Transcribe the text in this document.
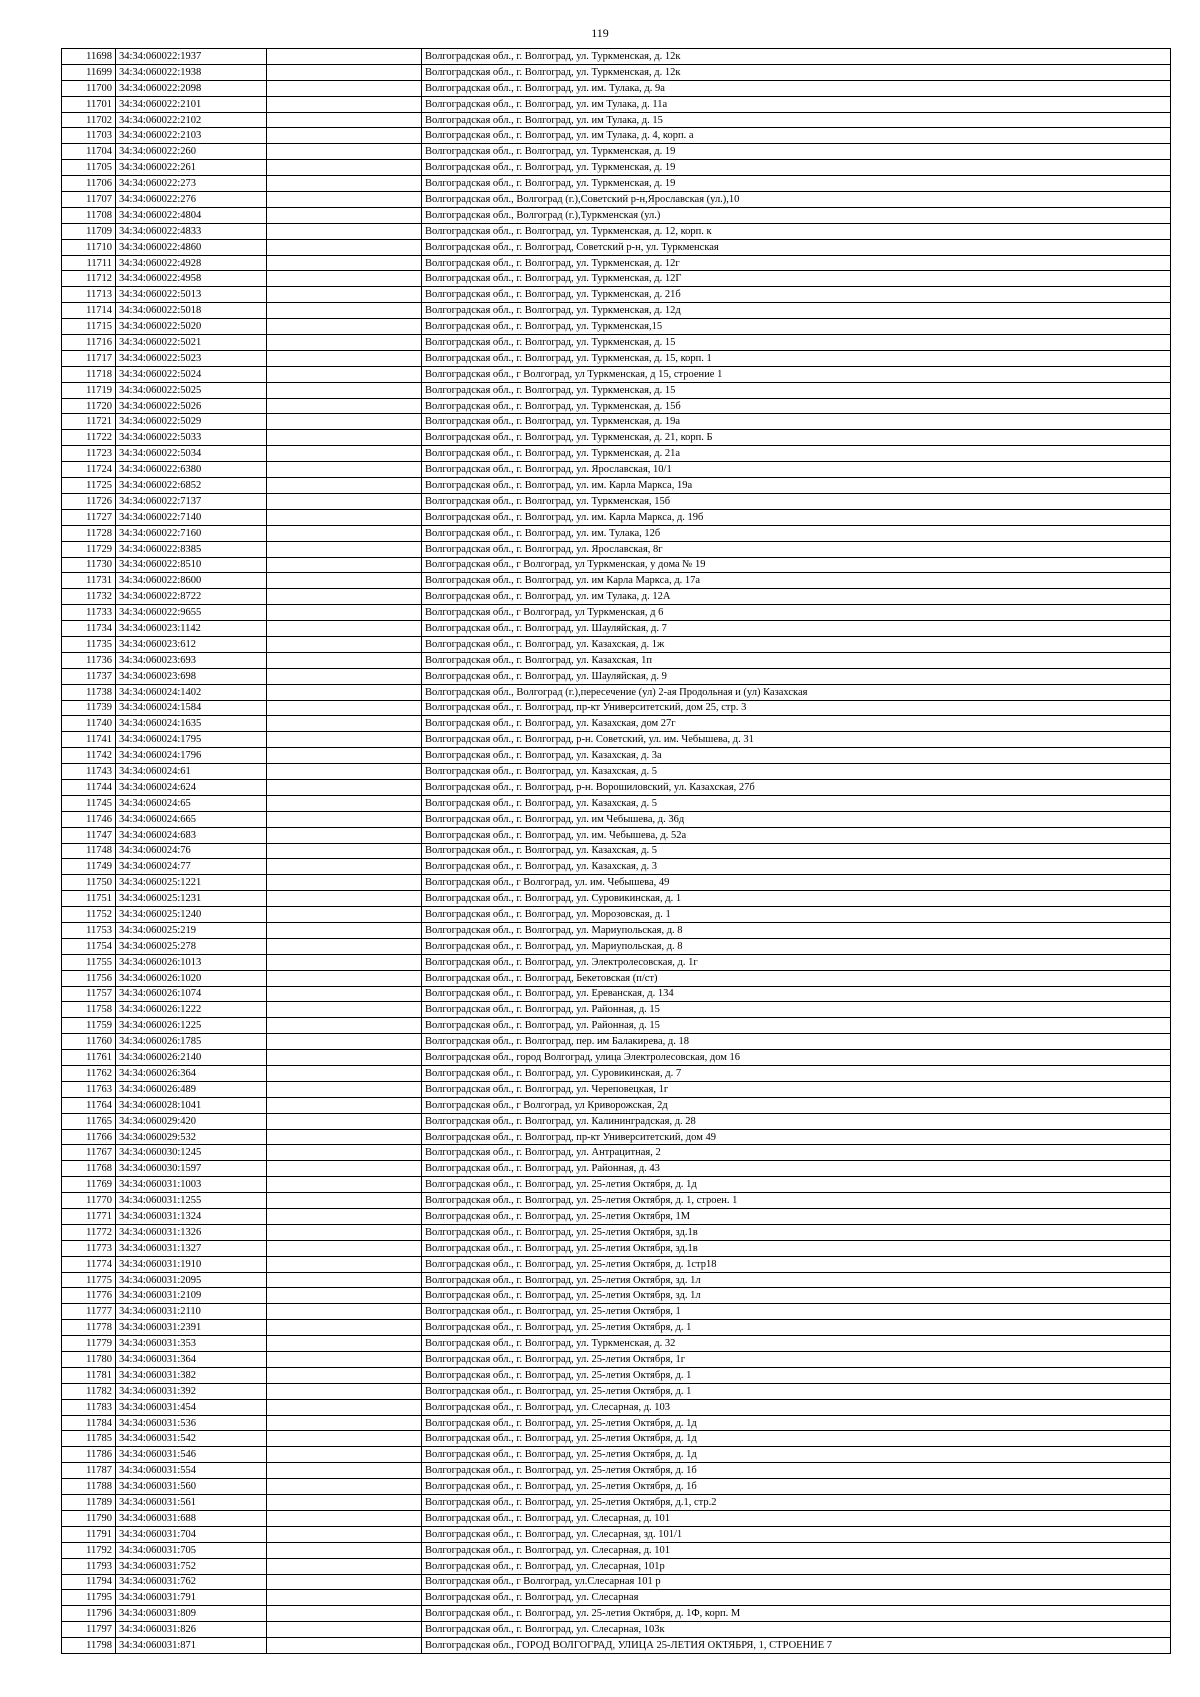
119
11698	34:34:060022:1937		Волгоградская обл., г. Волгоград, ул. Туркменская, д. 12к
11699	34:34:060022:1938		Волгоградская обл., г. Волгоград, ул. Туркменская, д. 12к
11700	34:34:060022:2098		Волгоградская обл., г. Волгоград, ул. им. Тулака, д. 9а
11701	34:34:060022:2101		Волгоградская обл., г. Волгоград, ул. им Тулака, д. 11а
11702	34:34:060022:2102		Волгоградская обл., г. Волгоград, ул. им Тулака, д. 15
11703	34:34:060022:2103		Волгоградская обл., г. Волгоград, ул. им Тулака, д. 4, корп. а
11704	34:34:060022:260		Волгоградская обл., г. Волгоград, ул. Туркменская, д. 19
11705	34:34:060022:261		Волгоградская обл., г. Волгоград, ул. Туркменская, д. 19
11706	34:34:060022:273		Волгоградская обл., г. Волгоград, ул. Туркменская, д. 19
11707	34:34:060022:276		Волгоградская обл., Волгоград (г.),Советский р-н,Ярославская (ул.),10
11708	34:34:060022:4804		Волгоградская обл., Волгоград (г.),Туркменская (ул.)
11709	34:34:060022:4833		Волгоградская обл., г. Волгоград, ул. Туркменская, д. 12, корп. к
11710	34:34:060022:4860		Волгоградская обл., г. Волгоград, Советский р-н, ул. Туркменская
11711	34:34:060022:4928		Волгоградская обл., г. Волгоград, ул. Туркменская, д. 12г
11712	34:34:060022:4958		Волгоградская обл., г. Волгоград, ул. Туркменская, д. 12Г
11713	34:34:060022:5013		Волгоградская обл., г. Волгоград, ул. Туркменская, д. 21б
11714	34:34:060022:5018		Волгоградская обл., г. Волгоград, ул. Туркменская, д. 12д
11715	34:34:060022:5020		Волгоградская обл., г. Волгоград, ул. Туркменская,15
11716	34:34:060022:5021		Волгоградская обл., г. Волгоград, ул. Туркменская, д. 15
11717	34:34:060022:5023		Волгоградская обл., г. Волгоград, ул. Туркменская, д. 15, корп. 1
11718	34:34:060022:5024		Волгоградская обл., г Волгоград, ул Туркменская, д 15, строение 1
11719	34:34:060022:5025		Волгоградская обл., г. Волгоград, ул. Туркменская, д. 15
11720	34:34:060022:5026		Волгоградская обл., г. Волгоград, ул. Туркменская, д. 15б
11721	34:34:060022:5029		Волгоградская обл., г. Волгоград, ул. Туркменская, д. 19а
11722	34:34:060022:5033		Волгоградская обл., г. Волгоград, ул. Туркменская, д. 21, корп. Б
11723	34:34:060022:5034		Волгоградская обл., г. Волгоград, ул. Туркменская, д. 21а
11724	34:34:060022:6380		Волгоградская обл., г. Волгоград, ул. Ярославская, 10/1
11725	34:34:060022:6852		Волгоградская обл., г. Волгоград, ул. им. Карла Маркса, 19а
11726	34:34:060022:7137		Волгоградская обл., г. Волгоград, ул. Туркменская, 15б
11727	34:34:060022:7140		Волгоградская обл., г. Волгоград, ул. им. Карла Маркса, д. 19б
11728	34:34:060022:7160		Волгоградская обл., г. Волгоград, ул. им. Тулака, 12б
11729	34:34:060022:8385		Волгоградская обл., г. Волгоград, ул. Ярославская, 8г
11730	34:34:060022:8510		Волгоградская обл., г Волгоград, ул Туркменская, у дома № 19
11731	34:34:060022:8600		Волгоградская обл., г. Волгоград, ул. им Карла Маркса, д. 17а
11732	34:34:060022:8722		Волгоградская обл., г. Волгоград, ул. им Тулака, д. 12А
11733	34:34:060022:9655		Волгоградская обл., г Волгоград, ул Туркменская, д 6
11734	34:34:060023:1142		Волгоградская обл., г. Волгоград, ул. Шауляйская, д. 7
11735	34:34:060023:612		Волгоградская обл., г. Волгоград, ул. Казахская, д. 1ж
11736	34:34:060023:693		Волгоградская обл., г. Волгоград, ул. Казахская, 1п
11737	34:34:060023:698		Волгоградская обл., г. Волгоград, ул. Шауляйская, д. 9
11738	34:34:060024:1402		Волгоградская обл., Волгоград (г.),пересечение (ул) 2-ая Продольная и (ул) Казахская
11739	34:34:060024:1584		Волгоградская обл., г. Волгоград, пр-кт Университетский, дом 25, стр. 3
11740	34:34:060024:1635		Волгоградская обл., г. Волгоград, ул. Казахская, дом 27г
11741	34:34:060024:1795		Волгоградская обл., г. Волгоград, р-н. Советский, ул. им. Чебышева, д. 31
11742	34:34:060024:1796		Волгоградская обл., г. Волгоград, ул. Казахская, д. 3а
11743	34:34:060024:61		Волгоградская обл., г. Волгоград, ул. Казахская, д. 5
11744	34:34:060024:624		Волгоградская обл., г. Волгоград, р-н. Ворошиловский, ул. Казахская, 27б
11745	34:34:060024:65		Волгоградская обл., г. Волгоград, ул. Казахская, д. 5
11746	34:34:060024:665		Волгоградская обл., г. Волгоград, ул. им Чебышева, д. 36д
11747	34:34:060024:683		Волгоградская обл., г. Волгоград, ул. им. Чебышева, д. 52а
11748	34:34:060024:76		Волгоградская обл., г. Волгоград, ул. Казахская, д. 5
11749	34:34:060024:77		Волгоградская обл., г. Волгоград, ул. Казахская, д. 3
11750	34:34:060025:1221		Волгоградская обл., г Волгоград, ул. им. Чебышева, 49
11751	34:34:060025:1231		Волгоградская обл., г. Волгоград, ул. Суровикинская, д. 1
11752	34:34:060025:1240		Волгоградская обл., г. Волгоград, ул. Морозовская, д. 1
11753	34:34:060025:219		Волгоградская обл., г. Волгоград, ул. Мариупольская, д. 8
11754	34:34:060025:278		Волгоградская обл., г. Волгоград, ул. Мариупольская, д. 8
11755	34:34:060026:1013		Волгоградская обл., г. Волгоград, ул. Электролесовская, д. 1г
11756	34:34:060026:1020		Волгоградская обл., г. Волгоград, Бекетовская (п/ст)
11757	34:34:060026:1074		Волгоградская обл., г. Волгоград, ул. Ереванская, д. 134
11758	34:34:060026:1222		Волгоградская обл., г. Волгоград, ул. Районная, д. 15
11759	34:34:060026:1225		Волгоградская обл., г. Волгоград, ул. Районная, д. 15
11760	34:34:060026:1785		Волгоградская обл., г. Волгоград, пер. им Балакирева, д. 18
11761	34:34:060026:2140		Волгоградская обл., город Волгоград, улица Электролесовская, дом 16
11762	34:34:060026:364		Волгоградская обл., г. Волгоград, ул. Суровикинская, д. 7
11763	34:34:060026:489		Волгоградская обл., г. Волгоград, ул. Череповецкая, 1г
11764	34:34:060028:1041		Волгоградская обл., г Волгоград, ул Криворожская, 2д
11765	34:34:060029:420		Волгоградская обл., г. Волгоград, ул. Калининградская, д. 28
11766	34:34:060029:532		Волгоградская обл., г. Волгоград, пр-кт Университетский, дом 49
11767	34:34:060030:1245		Волгоградская обл., г. Волгоград, ул. Антрацитная, 2
11768	34:34:060030:1597		Волгоградская обл., г. Волгоград, ул. Районная, д. 43
11769	34:34:060031:1003		Волгоградская обл., г. Волгоград, ул. 25-летия Октября, д. 1д
11770	34:34:060031:1255		Волгоградская обл., г. Волгоград, ул. 25-летия Октября, д. 1, строен. 1
11771	34:34:060031:1324		Волгоградская обл., г. Волгоград, ул. 25-летия Октября, 1М
11772	34:34:060031:1326		Волгоградская обл., г. Волгоград, ул. 25-летия Октября, зд.1в
11773	34:34:060031:1327		Волгоградская обл., г. Волгоград, ул. 25-летия Октября, зд.1в
11774	34:34:060031:1910		Волгоградская обл., г. Волгоград, ул. 25-летия Октября, д. 1стр18
11775	34:34:060031:2095		Волгоградская обл., г. Волгоград, ул. 25-летия Октября, зд. 1л
11776	34:34:060031:2109		Волгоградская обл., г. Волгоград, ул. 25-летия Октября, зд. 1л
11777	34:34:060031:2110		Волгоградская обл., г. Волгоград, ул. 25-летия Октября, 1
11778	34:34:060031:2391		Волгоградская обл., г. Волгоград, ул. 25-летия Октября, д. 1
11779	34:34:060031:353		Волгоградская обл., г. Волгоград, ул. Туркменская, д. 32
11780	34:34:060031:364		Волгоградская обл., г. Волгоград, ул. 25-летия Октября, 1г
11781	34:34:060031:382		Волгоградская обл., г. Волгоград, ул. 25-летия Октября, д. 1
11782	34:34:060031:392		Волгоградская обл., г. Волгоград, ул. 25-летия Октября, д. 1
11783	34:34:060031:454		Волгоградская обл., г. Волгоград, ул. Слесарная, д. 103
11784	34:34:060031:536		Волгоградская обл., г. Волгоград, ул. 25-летия Октября, д. 1д
11785	34:34:060031:542		Волгоградская обл., г. Волгоград, ул. 25-летия Октября, д. 1д
11786	34:34:060031:546		Волгоградская обл., г. Волгоград, ул. 25-летия Октября, д. 1д
11787	34:34:060031:554		Волгоградская обл., г. Волгоград, ул. 25-летия Октября, д. 1б
11788	34:34:060031:560		Волгоградская обл., г. Волгоград, ул. 25-летия Октября, д. 1б
11789	34:34:060031:561		Волгоградская обл., г. Волгоград, ул. 25-летия Октября, д.1, стр.2
11790	34:34:060031:688		Волгоградская обл., г. Волгоград, ул. Слесарная, д. 101
11791	34:34:060031:704		Волгоградская обл., г. Волгоград, ул. Слесарная, зд. 101/1
11792	34:34:060031:705		Волгоградская обл., г. Волгоград, ул. Слесарная, д. 101
11793	34:34:060031:752		Волгоградская обл., г. Волгоград, ул. Слесарная, 101р
11794	34:34:060031:762		Волгоградская обл., г Волгоград, ул.Слесарная 101 р
11795	34:34:060031:791		Волгоградская обл., г. Волгоград, ул. Слесарная
11796	34:34:060031:809		Волгоградская обл., г. Волгоград, ул. 25-летия Октября, д. 1Ф, корп. М
11797	34:34:060031:826		Волгоградская обл., г. Волгоград, ул. Слесарная, 103к
11798	34:34:060031:871		Волгоградская обл., ГОРОД ВОЛГОГРАД, УЛИЦА 25-ЛЕТИЯ ОКТЯБРЯ, 1, СТРОЕНИЕ 7
